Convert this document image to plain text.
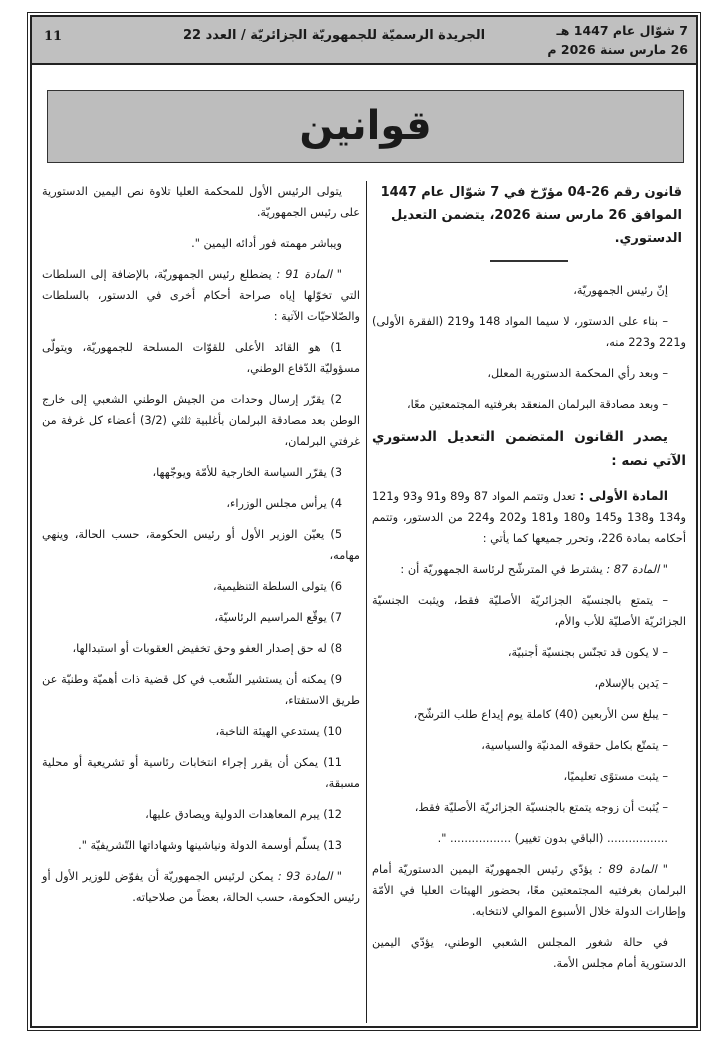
11	الجريدة الرسميّة للجمهوريّة الجزائريّة / العدد 22	7 شوّال عام 1447 هـ
26 مارس سنة 2026 م
قوانين

قانون رقم 26-04 مؤرّخ في 7 شوّال عام 1447 الموافق 26 مارس سنة 2026، يتضمن التعديل الدستوري.

إنّ رئيس الجمهوريّة،

– بناء على الدستور، لا سيما المواد 148 و219 (الفقرة الأولى) و221 و223 منه،

– وبعد رأي المحكمة الدستورية المعلل،

– وبعد مصادقة البرلمان المنعقد بغرفتيه المجتمعتين معًا،

يصدر القانون المتضمن التعديل الدستوري الآتي نصه :

المادة الأولى : تعدل وتتمم المواد 87 و89 و91 و93 و121 و134 و138 و145 و180 و181 و202 و224 من الدستور، وتتمم أحكامه بمادة 226، وتحرر جميعها كما يأتي :

" المادة 87 : يشترط في المترشّح لرئاسة الجمهوريّة أن :

– يتمتع بالجنسيّة الجزائريّة الأصليّة فقط، ويثبت الجنسيّة الجزائريّة الأصليّة للأب والأم،

– لا يكون قد تجنّس بجنسيّة أجنبيّة،

– يَدين بالإسلام،

– يبلغ سن الأربعين (40) كاملة يوم إيداع طلب الترشّح،

– يتمتّع بكامل حقوقه المدنيّة والسياسية،

– يثبت مستوًى تعليميًا،

– يُثبت أن زوجه يتمتع بالجنسيّة الجزائريّة الأصليّة فقط،

................. (الباقي بدون تغيير) ................. ".

" المادة 89 : يؤدّي رئيس الجمهوريّة اليمين الدستوريّة أمام البرلمان بغرفتيه المجتمعتين معًا، بحضور الهيئات العليا في الأمّة وإطارات الدولة خلال الأسبوع الموالي لانتخابه.

في حالة شغور المجلس الشعبي الوطني، يؤدّي اليمين الدستورية أمام مجلس الأمة.

يتولى الرئيس الأول للمحكمة العليا تلاوة نص اليمين الدستورية على رئيس الجمهوريّة.

ويباشر مهمته فور أدائه اليمين ".

" المادة 91 : يضطلع رئيس الجمهوريّة، بالإضافة إلى السلطات التي تخوّلها إياه صراحة أحكام أخرى في الدستور، بالسلطات والصّلاحيّات الآتية :

1) هو القائد الأعلى للقوّات المسلحة للجمهوريّة، ويتولّى مسؤوليّة الدّفاع الوطني،

2) يقرّر إرسال وحدات من الجيش الوطني الشعبي إلى خارج الوطن بعد مصادقة البرلمان بأغلبية ثلثي (3/2) أعضاء كل غرفة من غرفتي البرلمان،

3) يقرّر السياسة الخارجية للأمّة ويوجّهها،

4) يرأس مجلس الوزراء،

5) يعيّن الوزير الأول أو رئيس الحكومة، حسب الحالة، وينهي مهامه،

6) يتولى السلطة التنظيمية،

7) يوقّع المراسيم الرئاسيّة،

8) له حق إصدار العفو وحق تخفيض العقوبات أو استبدالها،

9) يمكنه أن يستشير الشّعب في كل قضية ذات أهميّة وطنيّة عن طريق الاستفتاء،

10) يستدعي الهيئة الناخبة،

11) يمكن أن يقرر إجراء انتخابات رئاسية أو تشريعية أو محلية مسبقة،

12) يبرم المعاهدات الدولية ويصادق عليها،

13) يسلّم أوسمة الدولة ونياشينها وشهاداتها التّشريفيّة ".

" المادة 93 : يمكن لرئيس الجمهوريّة أن يفوّض للوزير الأول أو رئيس الحكومة، حسب الحالة، بعضاً من صلاحياته.
